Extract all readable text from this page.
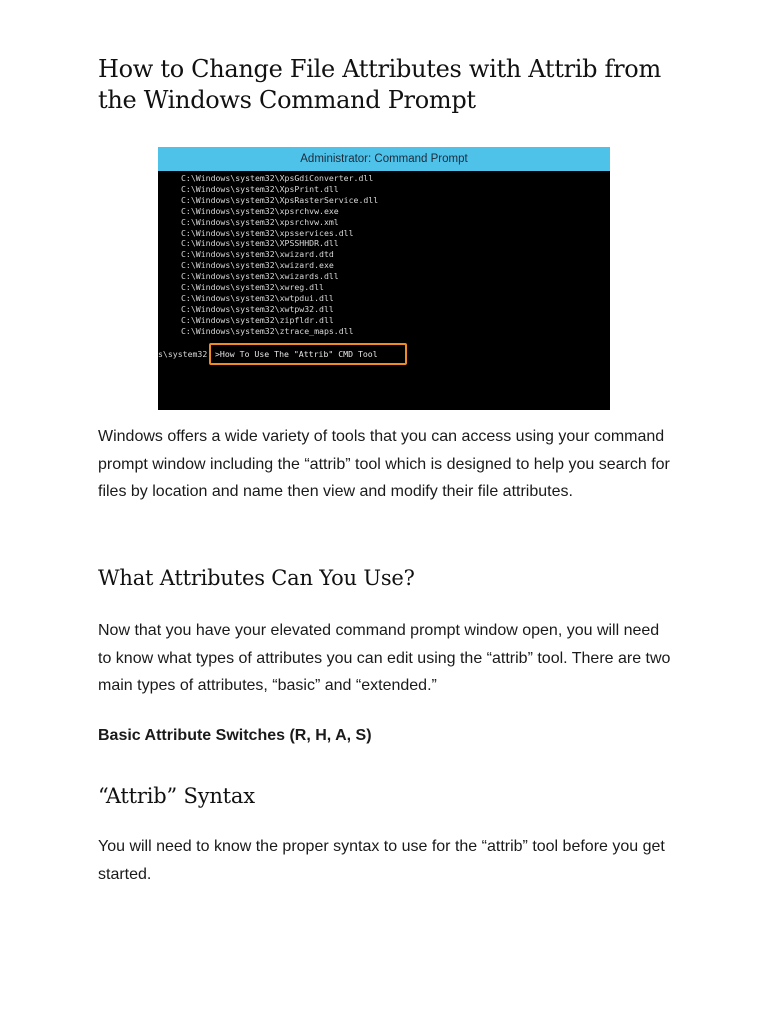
How to Change File Attributes with Attrib from the Windows Command Prompt
Administrator: Command Prompt
C:\Windows\system32\XpsGdiConverter.dll
C:\Windows\system32\XpsPrint.dll
C:\Windows\system32\XpsRasterService.dll
C:\Windows\system32\xpsrchvw.exe
C:\Windows\system32\xpsrchvw.xml
C:\Windows\system32\xpsservices.dll
C:\Windows\system32\XPSSHHDR.dll
C:\Windows\system32\xwizard.dtd
C:\Windows\system32\xwizard.exe
C:\Windows\system32\xwizards.dll
C:\Windows\system32\xwreg.dll
C:\Windows\system32\xwtpdui.dll
C:\Windows\system32\xwtpw32.dll
C:\Windows\system32\zipfldr.dll
C:\Windows\system32\ztrace_maps.dll
s\system32 >How To Use The "Attrib" CMD Tool

Windows offers a wide variety of tools that you can access using your command prompt window including the “attrib” tool which is designed to help you search for files by location and name then view and modify their file attributes.

What Attributes Can You Use?

Now that you have your elevated command prompt window open, you will need to know what types of attributes you can edit using the “attrib” tool. There are two main types of attributes, “basic” and “extended.”

Basic Attribute Switches (R, H, A, S)

“Attrib” Syntax

You will need to know the proper syntax to use for the “attrib” tool before you get started.
